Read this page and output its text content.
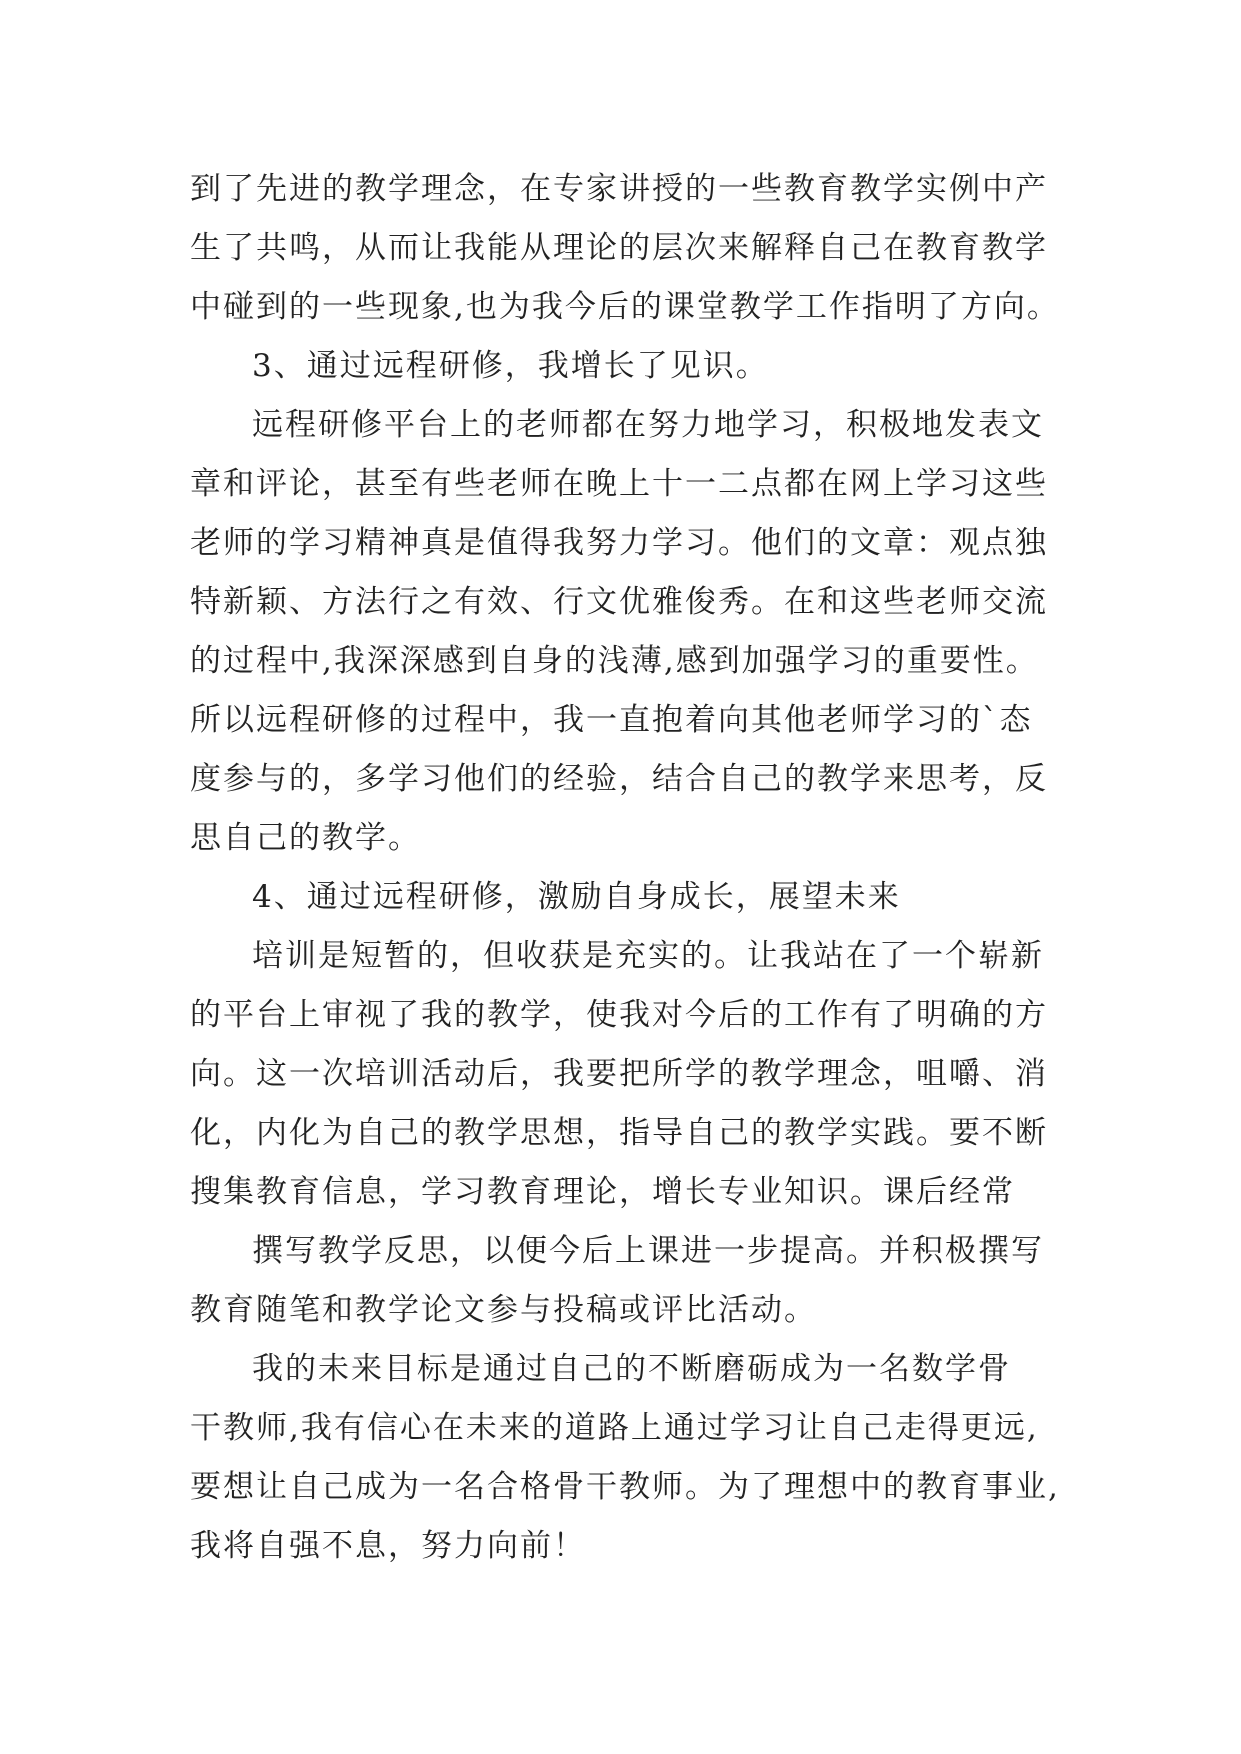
到了先进的教学理念，在专家讲授的一些教育教学实例中产
生了共鸣，从而让我能从理论的层次来解释自己在教育教学
中碰到的一些现象,也为我今后的课堂教学工作指明了方向。
3、通过远程研修，我增长了见识。
远程研修平台上的老师都在努力地学习，积极地发表文
章和评论，甚至有些老师在晚上十一二点都在网上学习这些
老师的学习精神真是值得我努力学习。他们的文章：观点独
特新颖、方法行之有效、行文优雅俊秀。在和这些老师交流
的过程中,我深深感到自身的浅薄,感到加强学习的重要性。
所以远程研修的过程中，我一直抱着向其他老师学习的`态
度参与的，多学习他们的经验，结合自己的教学来思考，反
思自己的教学。
4、通过远程研修，激励自身成长，展望未来
培训是短暂的，但收获是充实的。让我站在了一个崭新
的平台上审视了我的教学，使我对今后的工作有了明确的方
向。这一次培训活动后，我要把所学的教学理念，咀嚼、消
化，内化为自己的教学思想，指导自己的教学实践。要不断
搜集教育信息，学习教育理论，增长专业知识。课后经常
撰写教学反思，以便今后上课进一步提高。并积极撰写
教育随笔和教学论文参与投稿或评比活动。
我的未来目标是通过自己的不断磨砺成为一名数学骨
干教师,我有信心在未来的道路上通过学习让自己走得更远,
要想让自己成为一名合格骨干教师。为了理想中的教育事业,
我将自强不息，努力向前！
